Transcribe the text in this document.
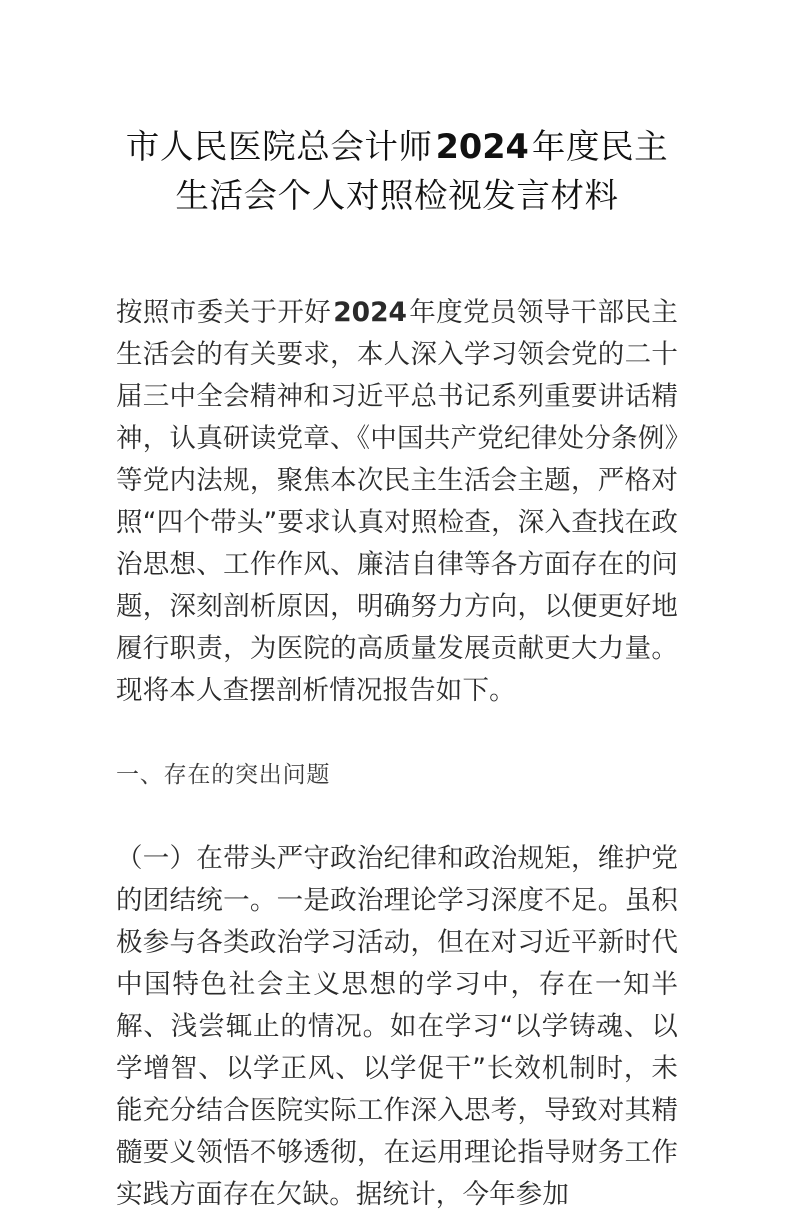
市人民医院总会计师2024年度民主生活会个人对照检视发言材料

按照市委关于开好2024年度党员领导干部民主生活会的有关要求，本人深入学习领会党的二十届三中全会精神和习近平总书记系列重要讲话精神，认真研读党章、《中国共产党纪律处分条例》等党内法规，聚焦本次民主生活会主题，严格对照“四个带头”要求认真对照检查，深入查找在政治思想、工作作风、廉洁自律等各方面存在的问题，深刻剖析原因，明确努力方向，以便更好地履行职责，为医院的高质量发展贡献更大力量。现将本人查摆剖析情况报告如下。

一、存在的突出问题

（一）在带头严守政治纪律和政治规矩，维护党的团结统一。一是政治理论学习深度不足。虽积极参与各类政治学习活动，但在对习近平新时代中国特色社会主义思想的学习中，存在一知半解、浅尝辄止的情况。如在学习“以学铸魂、以学增智、以学正风、以学促干”长效机制时，未能充分结合医院实际工作深入思考，导致对其精髓要义领悟不够透彻，在运用理论指导财务工作实践方面存在欠缺。据统计，今年参加
